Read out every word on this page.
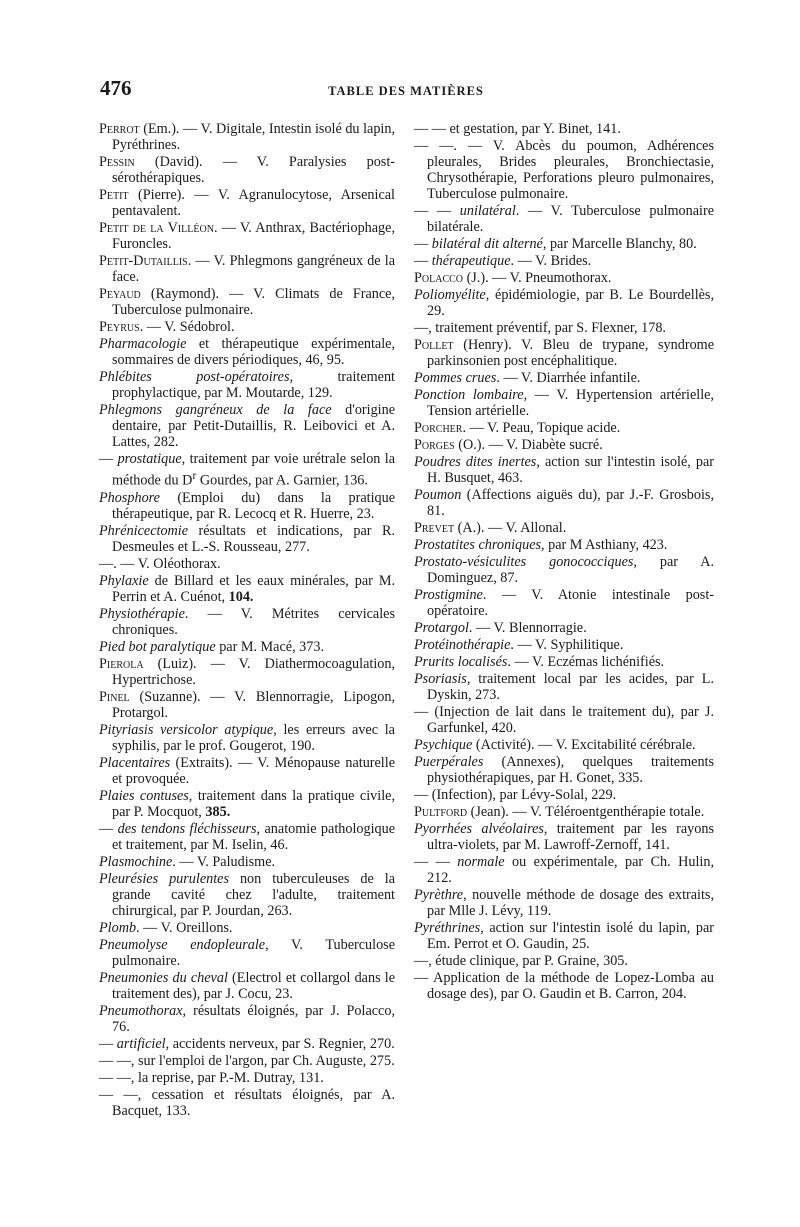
476	TABLE DES MATIÈRES

Perrot (Em.). — V. Digitale, Intestin isolé du lapin, Pyréthrines.

Pessin (David). — V. Paralysies post-sérothérapiques.

Petit (Pierre). — V. Agranulocytose, Arsenical pentavalent.

Petit de la Villéon. — V. Anthrax, Bactériophage, Furoncles.

Petit-Dutaillis. — V. Phlegmons gangréneux de la face.

Peyaud (Raymond). — V. Climats de France, Tuberculose pulmonaire.

Peyrus. — V. Sédobrol.

Pharmacologie et thérapeutique expérimentale, sommaires de divers périodiques, 46, 95.

Phlébites post-opératoires, traitement prophylactique, par M. Moutarde, 129.

Phlegmons gangréneux de la face d'origine dentaire, par Petit-Dutaillis, R. Leibovici et A. Lattes, 282.

— prostatique, traitement par voie urétrale selon la méthode du $D^r$ Gourdes, par A. Garnier, 136.

Phosphore (Emploi du) dans la pratique thérapeutique, par R. Lecocq et R. Huerre, 23.

Phrénicectomie résultats et indications, par R. Desmeules et L.-S. Rousseau, 277.

—. — V. Oléothorax.

Phylaxie de Billard et les eaux minérales, par M. Perrin et A. Cuénot, 104.

Physiothérapie. — V. Métrites cervicales chroniques.

Pied bot paralytique par M. Macé, 373.

Pierola (Luiz). — V. Diathermocoagulation, Hypertrichose.

Pinel (Suzanne). — V. Blennorragie, Lipogon, Protargol.

Pityriasis versicolor atypique, les erreurs avec la syphilis, par le prof. Gougerot, 190.

Placentaires (Extraits). — V. Ménopause naturelle et provoquée.

Plaies contuses, traitement dans la pratique civile, par P. Mocquot, 385.

— des tendons fléchisseurs, anatomie pathologique et traitement, par M. Iselin, 46.

Plasmochine. — V. Paludisme.

Pleurésies purulentes non tuberculeuses de la grande cavité chez l'adulte, traitement chirurgical, par P. Jourdan, 263.

Plomb. — V. Oreillons.

Pneumolyse endopleurale, V. Tuberculose pulmonaire.

Pneumonies du cheval (Electrol et collargol dans le traitement des), par J. Cocu, 23.

Pneumothorax, résultats éloignés, par J. Polacco, 76.

— artificiel, accidents nerveux, par S. Regnier, 270.

— —, sur l'emploi de l'argon, par Ch. Auguste, 275.

— —, la reprise, par P.-M. Dutray, 131.

— —, cessation et résultats éloignés, par A. Bacquet, 133.

— — et gestation, par Y. Binet, 141.

— —. — V. Abcès du poumon, Adhérences pleurales, Brides pleurales, Bronchiectasie, Chrysothérapie, Perforations pleuro pulmonaires, Tuberculose pulmonaire.

— — unilatéral. — V. Tuberculose pulmonaire bilatérale.

— bilatéral dit alterné, par Marcelle Blanchy, 80.

— thérapeutique. — V. Brides.

Polacco (J.). — V. Pneumothorax.

Poliomyélite, épidémiologie, par B. Le Bourdellès, 29.

—, traitement préventif, par S. Flexner, 178.

Pollet (Henry). V. Bleu de trypane, syndrome parkinsonien post encéphalitique.

Pommes crues. — V. Diarrhée infantile.

Ponction lombaire, — V. Hypertension artérielle, Tension artérielle.

Porcher. — V. Peau, Topique acide.

Porges (O.). — V. Diabète sucré.

Poudres dites inertes, action sur l'intestin isolé, par H. Busquet, 463.

Poumon (Affections aiguës du), par J.-F. Grosbois, 81.

Prevet (A.). — V. Allonal.

Prostatites chroniques, par M Asthiany, 423.

Prostato-vésiculites gonococciques, par A. Dominguez, 87.

Prostigmine. — V. Atonie intestinale post-opératoire.

Protargol. — V. Blennorragie.

Protéinothérapie. — V. Syphilitique.

Prurits localisés. — V. Eczémas lichénifiés.

Psoriasis, traitement local par les acides, par L. Dyskin, 273.

— (Injection de lait dans le traitement du), par J. Garfunkel, 420.

Psychique (Activité). — V. Excitabilité cérébrale.

Puerpérales (Annexes), quelques traitements physiothérapiques, par H. Gonet, 335.

— (Infection), par Lévy-Solal, 229.

Pultford (Jean). — V. Téléroentgenthérapie totale.

Pyorrhées alvéolaires, traitement par les rayons ultra-violets, par M. Lawroff-Zernoff, 141.

— — normale ou expérimentale, par Ch. Hulin, 212.

Pyrèthre, nouvelle méthode de dosage des extraits, par Mlle J. Lévy, 119.

Pyréthrines, action sur l'intestin isolé du lapin, par Em. Perrot et O. Gaudin, 25.

—, étude clinique, par P. Graine, 305.

— Application de la méthode de Lopez-Lomba au dosage des), par O. Gaudin et B. Carron, 204.
